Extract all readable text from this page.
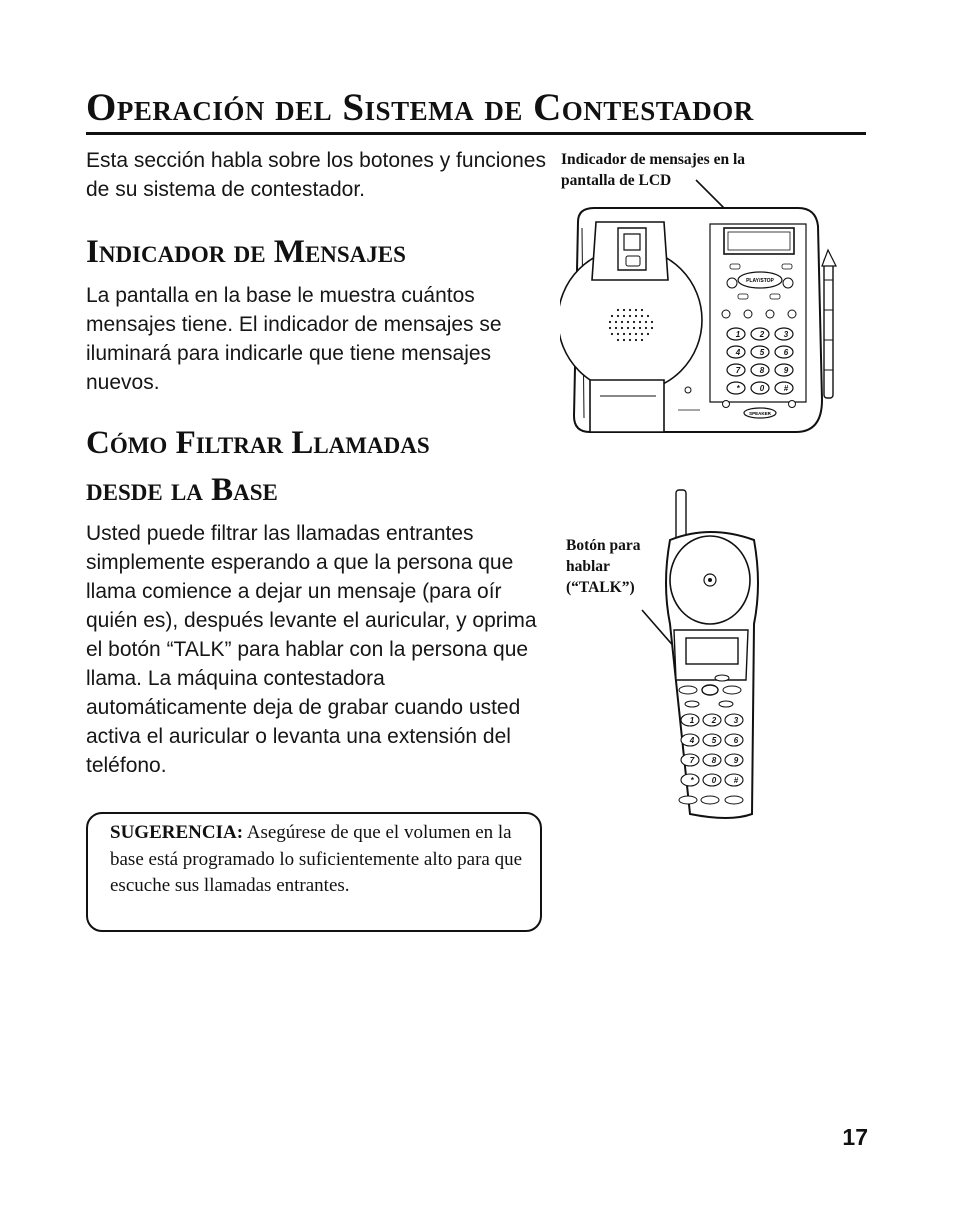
Operación del Sistema de Contestador
Esta sección habla sobre los botones y funciones de su sistema de contestador.
Indicador de Mensajes
La pantalla en la base le muestra cuántos mensajes tiene. El indicador de mensajes se iluminará para indicarle que tiene mensajes nuevos.
Cómo Filtrar Llamadas
desde la Base
Usted puede filtrar las llamadas entrantes simplemente esperando a que la persona que llama comience a dejar un mensaje (para oír quién es), después levante el auricular, y oprima el botón “TALK” para hablar con la persona que llama. La máquina contestadora automáticamente deja de grabar cuando usted activa el auricular o levanta una extensión del teléfono.
SUGERENCIA: Asegúrese de que el volumen en la base está programado lo suficientemente alto para que escuche sus llamadas entrantes.
Indicador de mensajes en la pantalla de LCD
Botón para hablar (“TALK”)
PLAY/STOP
1 2 3
4 5 6
7 8 9
*	0 #
SPEAKER
1 2 3
4 5 6
7 8 9
* 0 #
17
